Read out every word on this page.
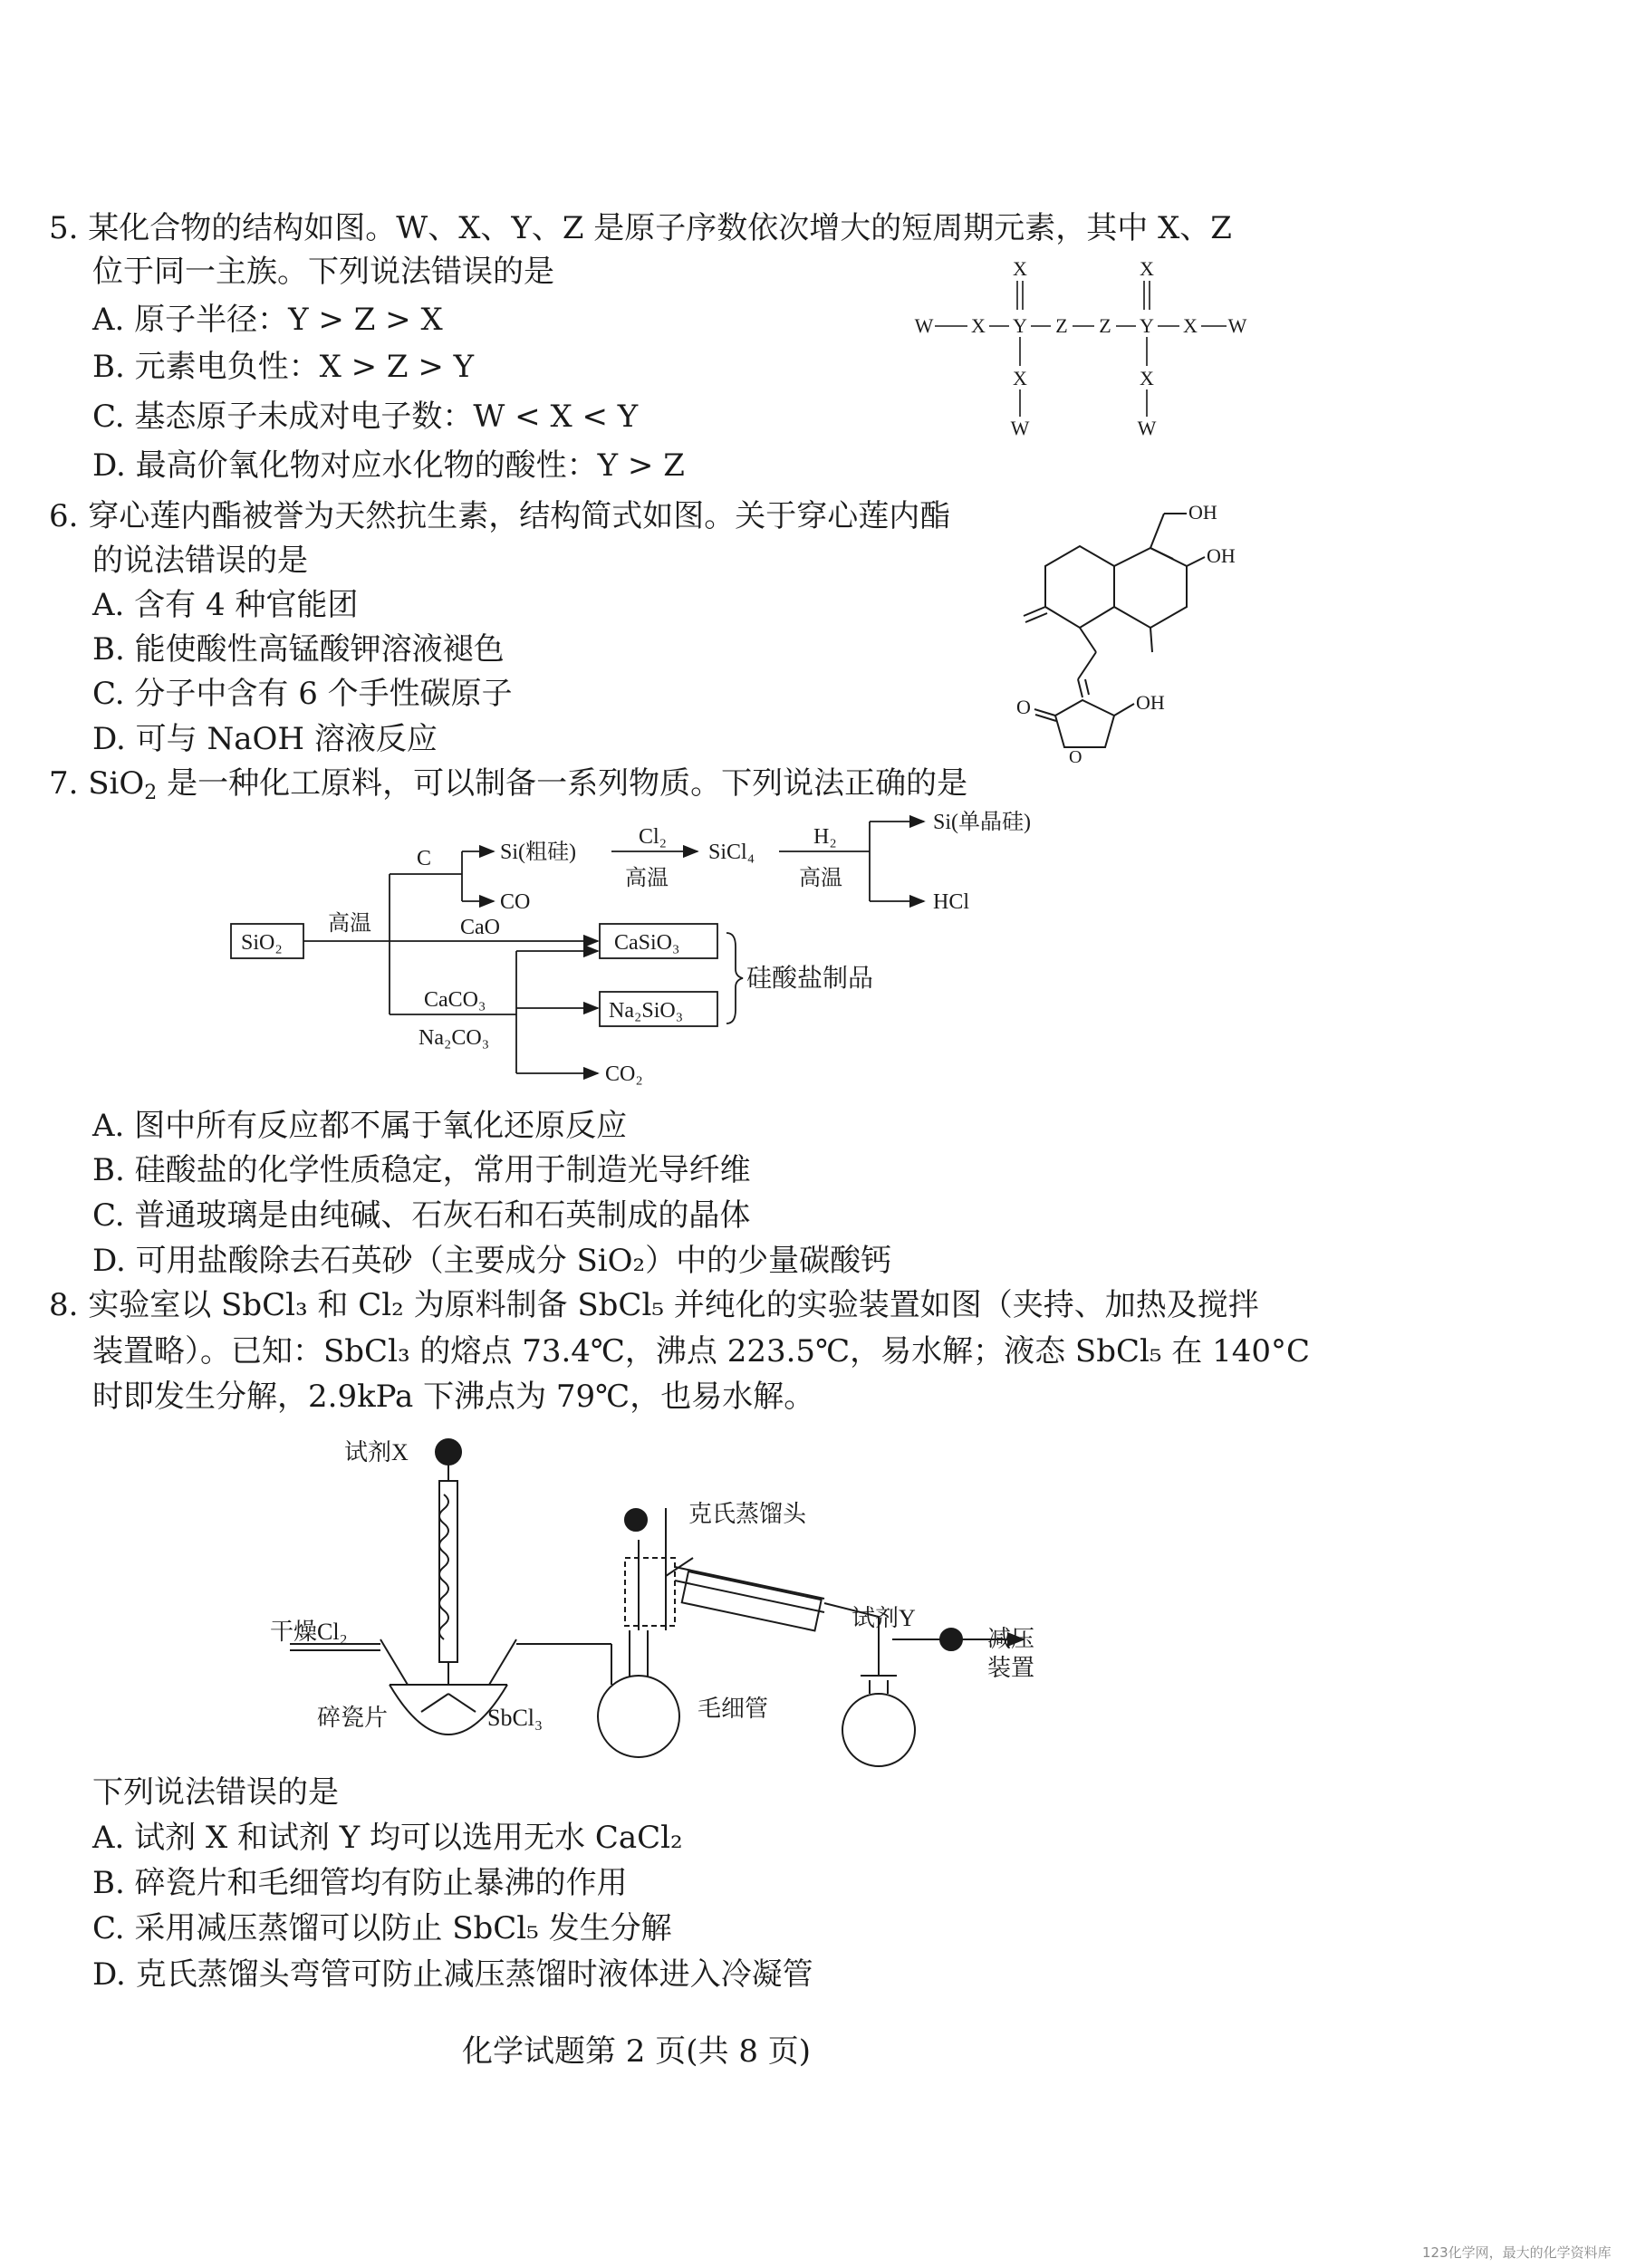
5. 某化合物的结构如图。W、X、Y、Z 是原子序数依次增大的短周期元素，其中 X、Z
位于同一主族。下列说法错误的是
A. 原子半径：Y > Z > X
B. 元素电负性：X > Z > Y
C. 基态原子未成对电子数：W < X < Y
D. 最高价氧化物对应水化物的酸性：Y > Z
X	X
W X Y Z Z Y X W
X	X
W	W
6. 穿心莲内酯被誉为天然抗生素，结构简式如图。关于穿心莲内酯
的说法错误的是
A. 含有 4 种官能团
B. 能使酸性高锰酸钾溶液褪色
C. 分子中含有 6 个手性碳原子
D. 可与 NaOH 溶液反应
OH
OH
O	OH
O
7. SiO$_2$ 是一种化工原料，可以制备一系列物质。下列说法正确的是
SiO₂
高温
C	Si(粗硅)
CO
Cl₂
高温
SiCl₄
H₂
高温
Si(单晶硅)
HCl
CaO
CaSiO₃
CaCO₃
Na₂CO₃
Na₂SiO₃
CO₂
硅酸盐制品
A. 图中所有反应都不属于氧化还原反应
B. 硅酸盐的化学性质稳定，常用于制造光导纤维
C. 普通玻璃是由纯碱、石灰石和石英制成的晶体
D. 可用盐酸除去石英砂（主要成分 SiO₂）中的少量碳酸钙
8. 实验室以 SbCl₃ 和 Cl₂ 为原料制备 SbCl₅ 并纯化的实验装置如图（夹持、加热及搅拌
装置略）。已知：SbCl₃ 的熔点 73.4℃，沸点 223.5℃，易水解；液态 SbCl₅ 在 140°C
时即发生分解，2.9kPa 下沸点为 79℃，也易水解。
试剂X
干燥Cl₂
碎瓷片	SbCl₃
克氏蒸馏头
毛细管
试剂Y
减压
装置
下列说法错误的是
A. 试剂 X 和试剂 Y 均可以选用无水 CaCl₂
B. 碎瓷片和毛细管均有防止暴沸的作用
C. 采用减压蒸馏可以防止 SbCl₅ 发生分解
D. 克氏蒸馏头弯管可防止减压蒸馏时液体进入冷凝管
化学试题第 2 页(共 8 页)
123化学网，最大的化学资料库
